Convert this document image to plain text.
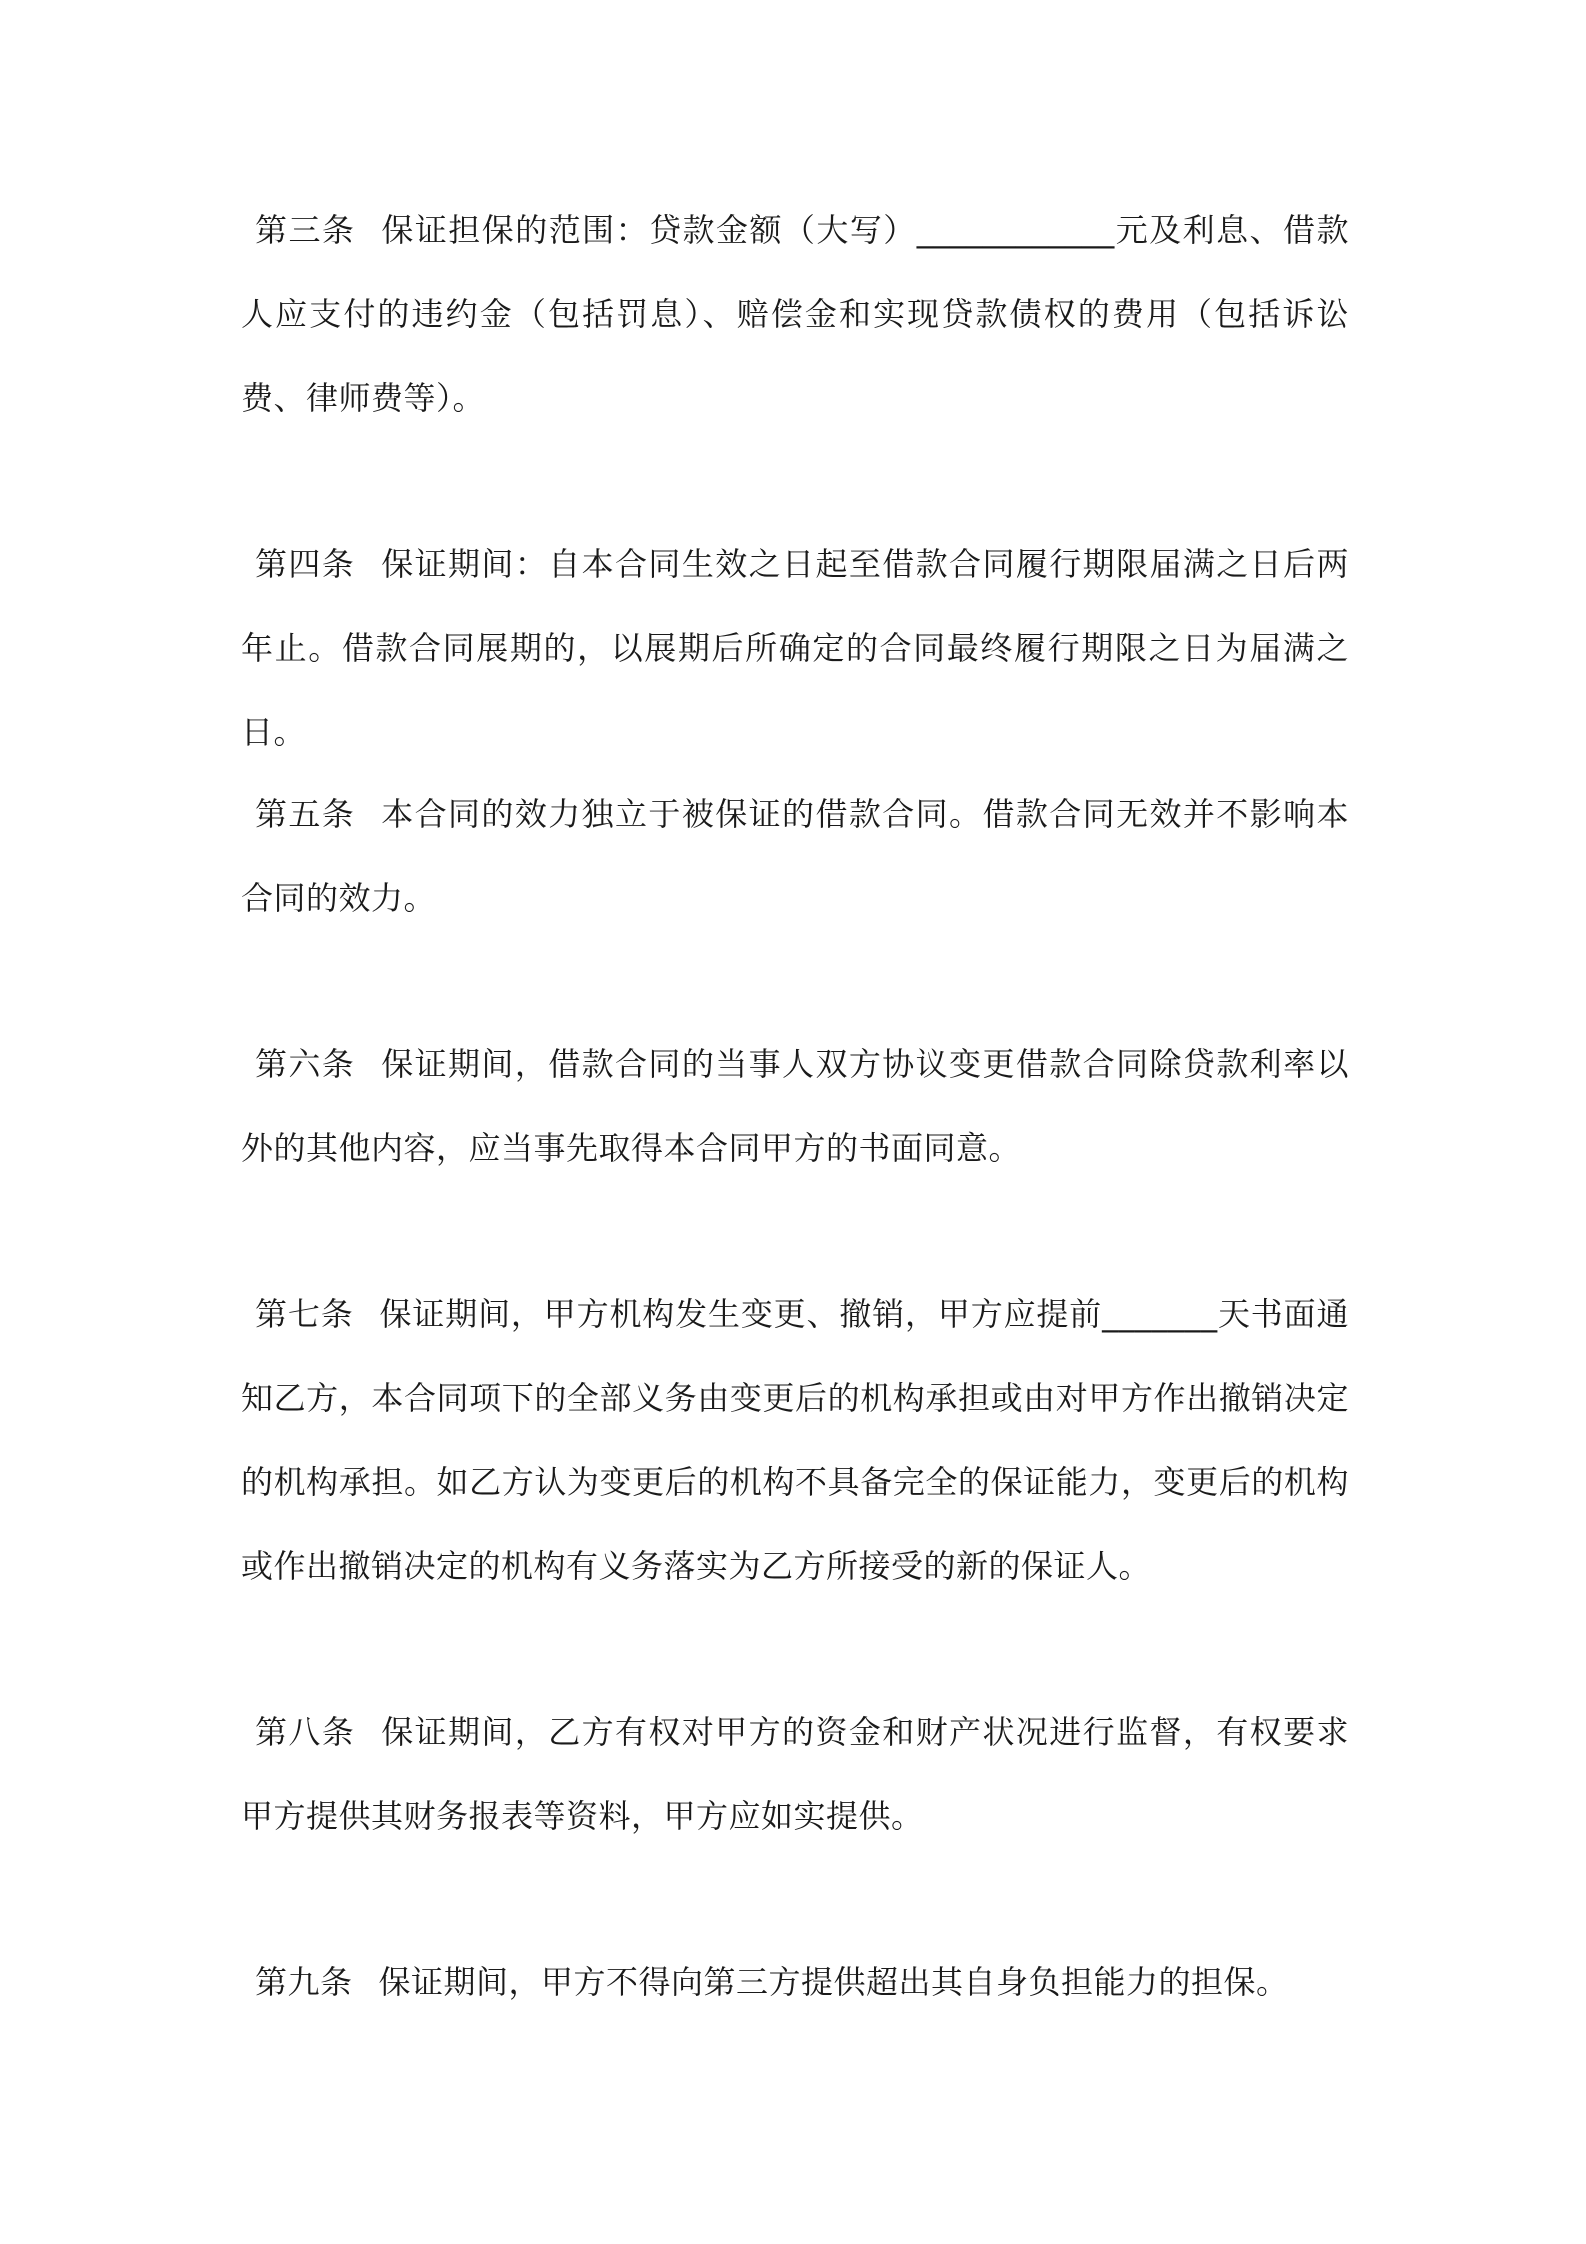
第三条 保证担保的范围：贷款金额（大写）____________元及利息、借款人应支付的违约金（包括罚息）、赔偿金和实现贷款债权的费用（包括诉讼费、律师费等）。

第四条 保证期间：自本合同生效之日起至借款合同履行期限届满之日后两年止。借款合同展期的，以展期后所确定的合同最终履行期限之日为届满之日。

第五条 本合同的效力独立于被保证的借款合同。借款合同无效并不影响本合同的效力。

第六条 保证期间，借款合同的当事人双方协议变更借款合同除贷款利率以外的其他内容，应当事先取得本合同甲方的书面同意。

第七条 保证期间，甲方机构发生变更、撤销，甲方应提前_______天书面通知乙方，本合同项下的全部义务由变更后的机构承担或由对甲方作出撤销决定的机构承担。如乙方认为变更后的机构不具备完全的保证能力，变更后的机构或作出撤销决定的机构有义务落实为乙方所接受的新的保证人。

第八条 保证期间，乙方有权对甲方的资金和财产状况进行监督，有权要求甲方提供其财务报表等资料，甲方应如实提供。

第九条 保证期间，甲方不得向第三方提供超出其自身负担能力的担保。
